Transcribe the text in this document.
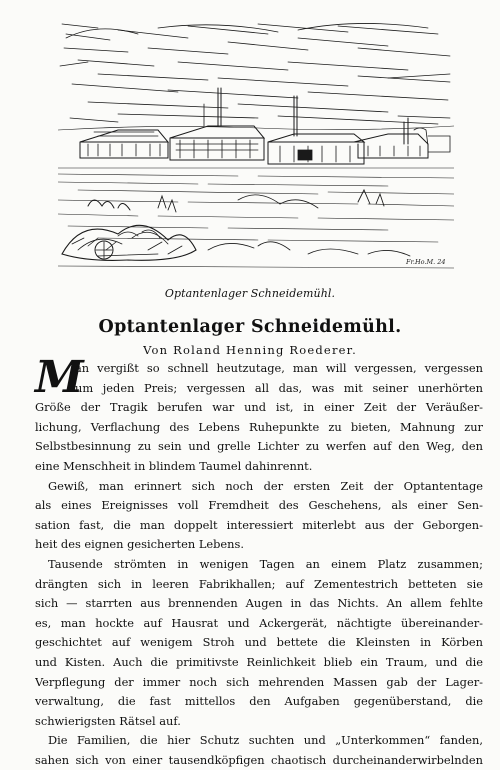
Fr.Ho.M. 24
Optantenlager Schneidemühl.
Optantenlager Schneidemühl.
Von Roland Henning Roederer.
M

an vergißt so schnell heutzutage, man will vergessen, vergessen
um jeden Preis; vergessen all das, was mit seiner unerhörten
Größe der Tragik berufen war und ist, in einer Zeit der Veräußer-
lichung, Verflachung des Lebens Ruhepunkte zu bieten, Mahnung zur
Selbstbesinnung zu sein und grelle Lichter zu werfen auf den Weg, den
eine Menschheit in blindem Taumel dahinrennt.

Gewiß, man erinnert sich noch der ersten Zeit der Optantentage
als eines Ereignisses voll Fremdheit des Geschehens, als einer Sen-
sation fast, die man doppelt interessiert miterlebt aus der Geborgen-
heit des eignen gesicherten Lebens.

Tausende strömten in wenigen Tagen an einem Platz zusammen;
drängten sich in leeren Fabrikhallen; auf Zementestrich betteten sie
sich — starrten aus brennenden Augen in das Nichts. An allem fehlte
es, man hockte auf Hausrat und Ackergerät, nächtigte übereinander-
geschichtet auf wenigem Stroh und bettete die Kleinsten in Körben
und Kisten. Auch die primitivste Reinlichkeit blieb ein Traum, und die
Verpflegung der immer noch sich mehrenden Massen gab der Lager-
verwaltung, die fast mittellos den Aufgaben gegenüberstand, die
schwierigsten Rätsel auf.

Die Familien, die hier Schutz suchten und „Unterkommen“ fanden,
sahen sich von einer tausendköpfigen chaotisch durcheinanderwirbelnden
